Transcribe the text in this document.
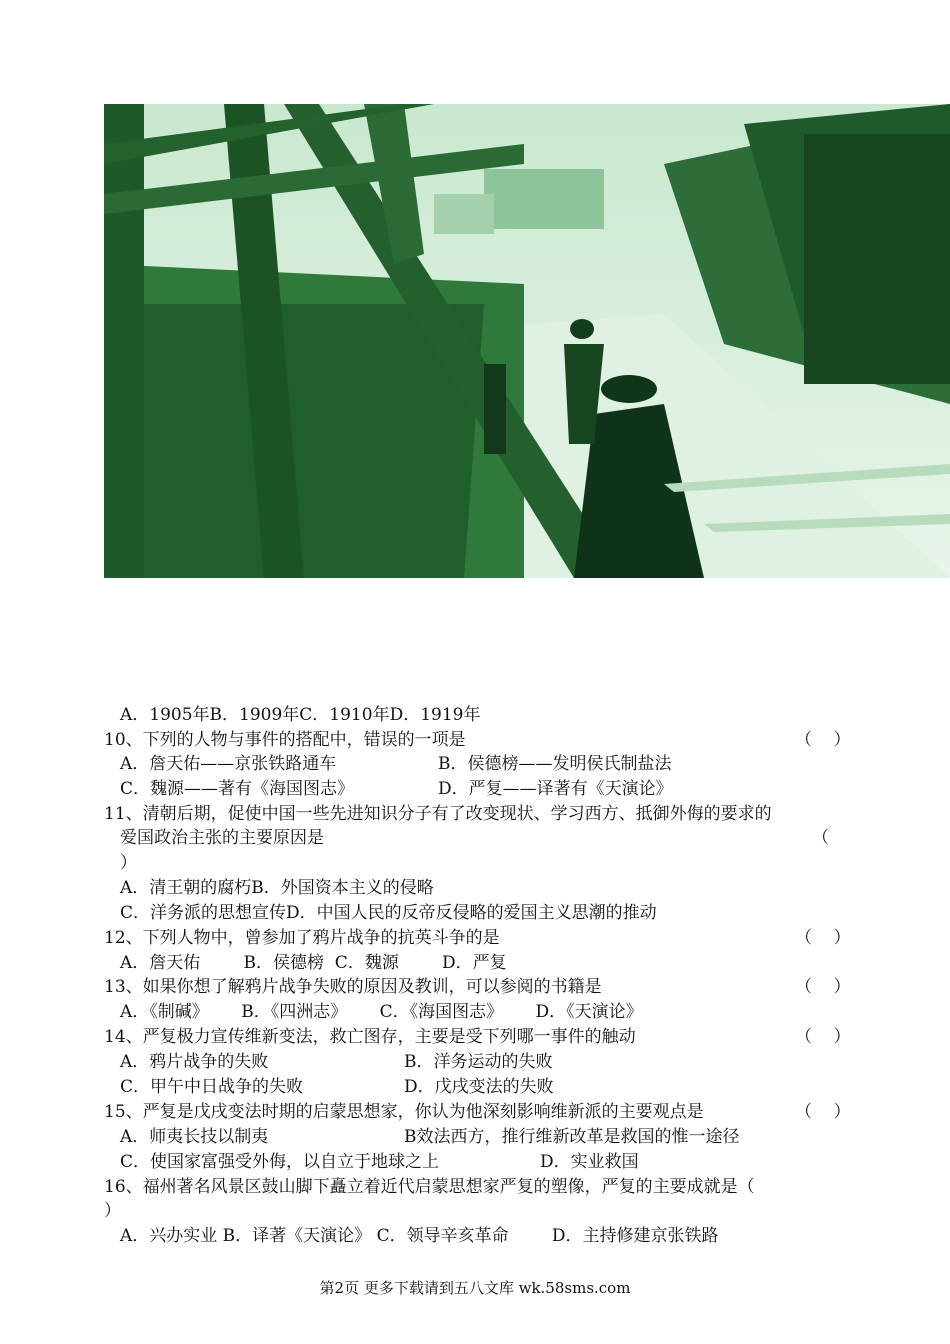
A．1905年B．1909年C．1910年D．1919年
10、下列的人物与事件的搭配中，错误的一项是	（    ）
A．詹天佑——京张铁路通车	B．侯德榜——发明侯氏制盐法
C．魏源——著有《海国图志》	D．严复——译著有《天演论》
11、清朝后期，促使中国一些先进知识分子有了改变现状、学习西方、抵御外侮的要求的
爱国政治主张的主要原因是	（
）
A．清王朝的腐朽B．外国资本主义的侵略
C．洋务派的思想宣传D．中国人民的反帝反侵略的爱国主义思潮的推动
12、下列人物中，曾参加了鸦片战争的抗英斗争的是	（    ）
A．詹天佑        B．侯德榜  C．魏源        D．严复
13、如果你想了解鸦片战争失败的原因及教训，可以参阅的书籍是	（    ）
A．《制碱》      B．《四洲志》      C．《海国图志》      D．《天演论》
14、严复极力宣传维新变法，救亡图存，主要是受下列哪一事件的触动	（    ）
A．鸦片战争的失败	B．洋务运动的失败
C．甲午中日战争的失败	D．戊戌变法的失败
15、严复是戊戌变法时期的启蒙思想家，你认为他深刻影响维新派的主要观点是	（    ）
A．师夷长技以制夷	B效法西方，推行维新改革是救国的惟一途径
C．使国家富强受外侮，以自立于地球之上	D．实业救国
16、福州著名风景区鼓山脚下矗立着近代启蒙思想家严复的塑像，严复的主要成就是（
）
A．兴办实业 B．译著《天演论》 C．领导辛亥革命        D．主持修建京张铁路
第2页 更多下载请到五八文库 wk.58sms.com
